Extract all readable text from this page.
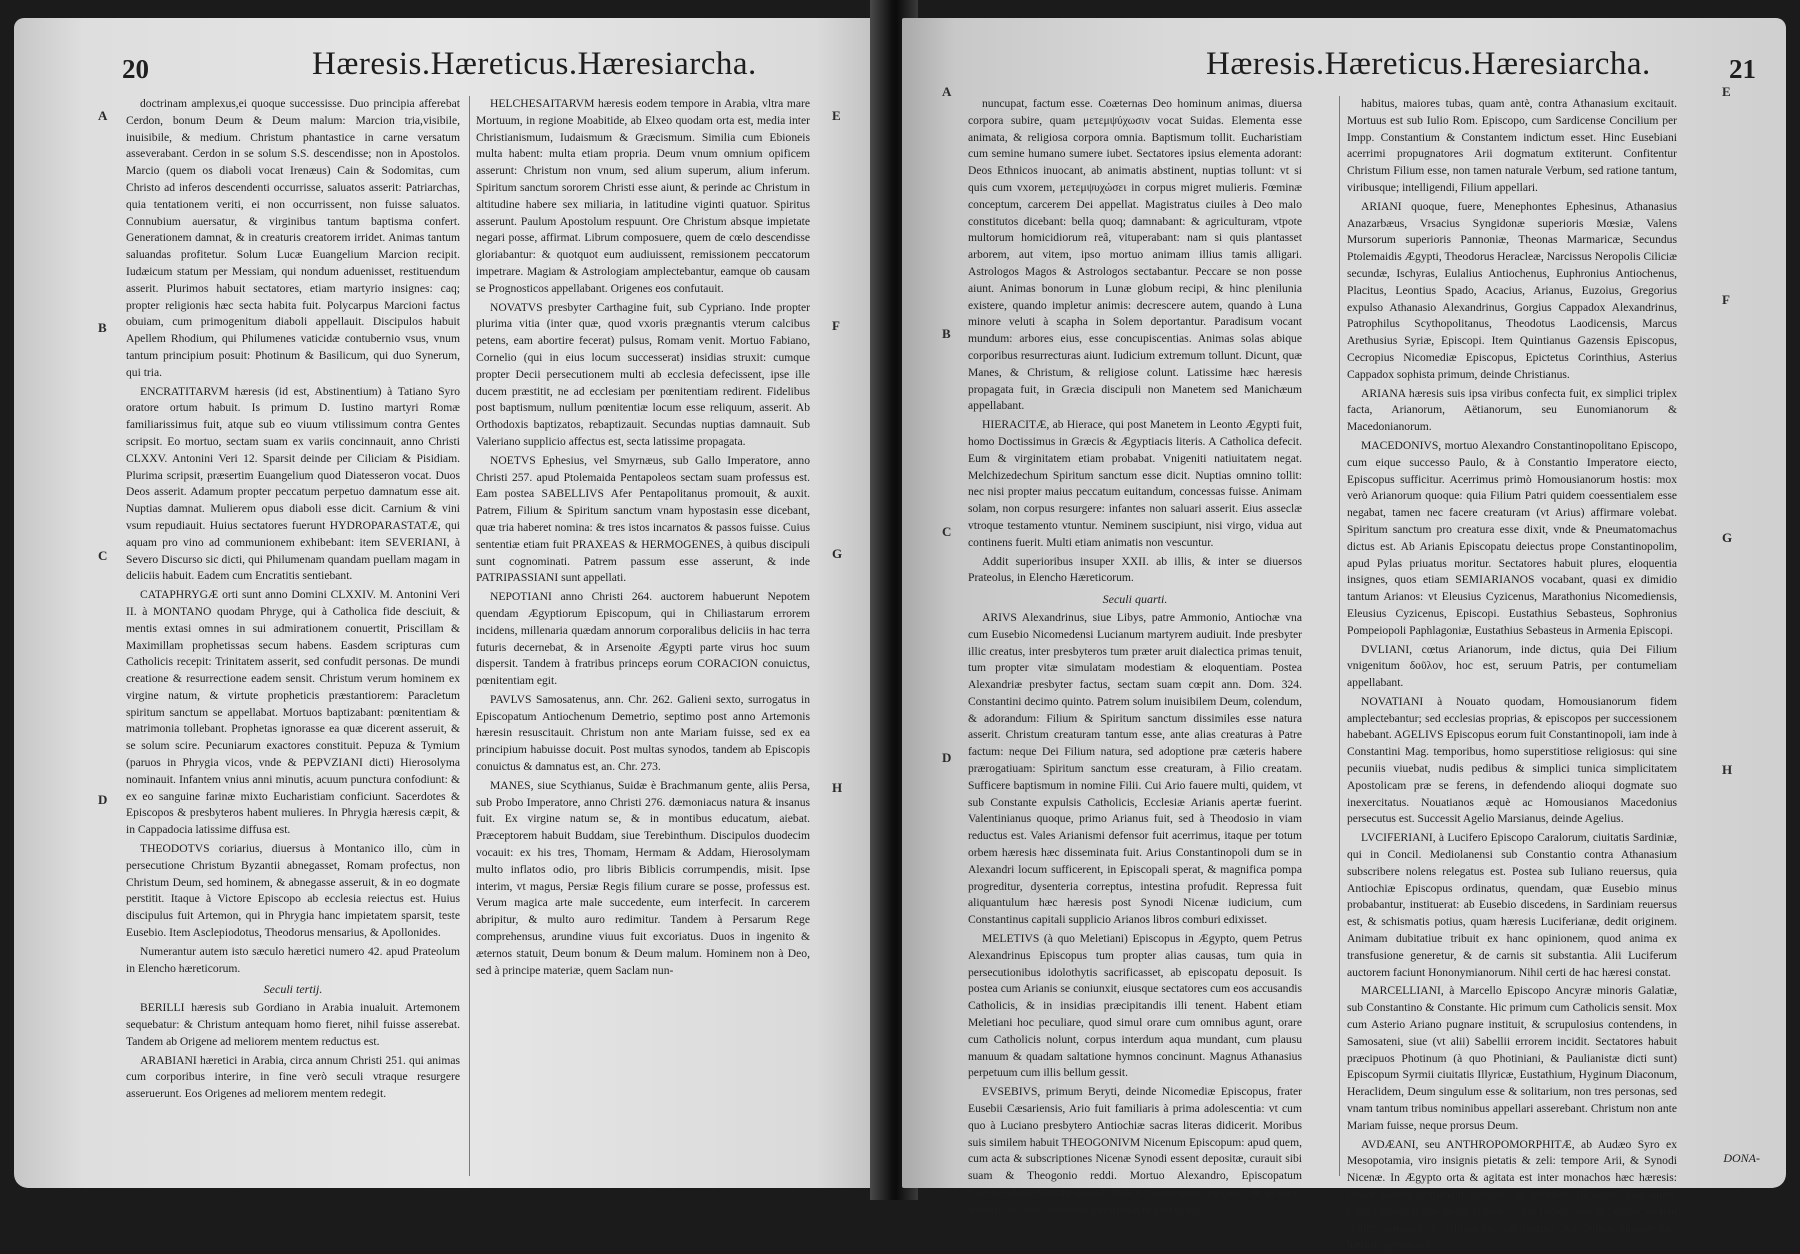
20	Hæresis.Hæreticus.Hæresiarcha.
A
B
C
D
E
F
G
H

doctrinam amplexus,ei quoque successisse. Duo principia afferebat Cerdon, bonum Deum & Deum malum: Marcion tria,visibile, inuisibile, & medium. Christum phantastice in carne versatum asseverabant. Cerdon in se solum S.S. descendisse; non in Apostolos. Marcio (quem os diaboli vocat Irenæus) Cain & Sodomitas, cum Christo ad inferos descendenti occurrisse, saluatos asserit: Patriarchas, quia tentationem veriti, ei non occurrissent, non fuisse saluatos. Connubium auersatur, & virginibus tantum baptisma confert. Generationem damnat, & in creaturis creatorem irridet. Animas tantum saluandas profitetur. Solum Lucæ Euangelium Marcion recipit. Iudæicum statum per Messiam, qui nondum aduenisset, restituendum asserit. Plurimos habuit sectatores, etiam martyrio insignes: caq; propter religionis hæc secta habita fuit. Polycarpus Marcioni factus obuiam, cum primogenitum diaboli appellauit. Discipulos habuit Apellem Rhodium, qui Philumenes vaticidæ contubernio vsus, vnum tantum principium posuit: Photinum & Basilicum, qui duo Synerum, qui tria.

ENCRATITARVM hæresis (id est, Abstinentium) à Tatiano Syro oratore ortum habuit. Is primum D. Iustino martyri Romæ familiarissimus fuit, atque sub eo viuum vtilissimum contra Gentes scripsit. Eo mortuo, sectam suam ex variis concinnauit, anno Christi CLXXV. Antonini Veri 12. Sparsit deinde per Ciliciam & Pisidiam. Plurima scripsit, præsertim Euangelium quod Diatesseron vocat. Duos Deos asserit. Adamum propter peccatum perpetuo damnatum esse ait. Nuptias damnat. Mulierem opus diaboli esse dicit. Carnium & vini vsum repudiauit. Huius sectatores fuerunt HYDROPARASTATÆ, qui aquam pro vino ad communionem exhibebant: item SEVERIANI, à Severo Discurso sic dicti, qui Philumenam quandam puellam magam in deliciis habuit. Eadem cum Encratitis sentiebant.

CATAPHRYGÆ orti sunt anno Domini CLXXIV. M. Antonini Veri II. à MONTANO quodam Phryge, qui à Catholica fide desciuit, & mentis extasi omnes in sui admirationem conuertit, Priscillam & Maximillam prophetissas secum habens. Easdem scripturas cum Catholicis recepit: Trinitatem asserit, sed confudit personas. De mundi creatione & resurrectione eadem sensit. Christum verum hominem ex virgine natum, & virtute propheticis præstantiorem: Paracletum spiritum sanctum se appellabat. Mortuos baptizabant: pœnitentiam & matrimonia tollebant. Prophetas ignorasse ea quæ dicerent asseruit, & se solum scire. Pecuniarum exactores constituit. Pepuza & Tymium (paruos in Phrygia vicos, vnde & PEPVZIANI dicti) Hierosolyma nominauit. Infantem vnius anni minutis, acuum punctura confodiunt: & ex eo sanguine farinæ mixto Eucharistiam conficiunt. Sacerdotes & Episcopos & presbyteros habent mulieres. In Phrygia hæresis cæpit, & in Cappadocia latissime diffusa est.

THEODOTVS coriarius, diuersus à Montanico illo, cùm in persecutione Christum Byzantii abnegasset, Romam profectus, non Christum Deum, sed hominem, & abnegasse asseruit, & in eo dogmate perstitit. Itaque à Victore Episcopo ab ecclesia reiectus est. Huius discipulus fuit Artemon, qui in Phrygia hanc impietatem sparsit, teste Eusebio. Item Asclepiodotus, Theodorus mensarius, & Apollonides.

Numerantur autem isto sæculo hæretici numero 42. apud Prateolum in Elencho hæreticorum.

Seculi tertij.

BERILLI hæresis sub Gordiano in Arabia inualuit. Artemonem sequebatur: & Christum antequam homo fieret, nihil fuisse asserebat. Tandem ab Origene ad meliorem mentem reductus est.

ARABIANI hæretici in Arabia, circa annum Christi 251. qui animas cum corporibus interire, in fine verò seculi vtraque resurgere asseruerunt. Eos Origenes ad meliorem mentem redegit.

HELCHESAITARVM hæresis eodem tempore in Arabia, vltra mare Mortuum, in regione Moabitide, ab Elxeo quodam orta est, media inter Christianismum, Iudaismum & Græcismum. Similia cum Ebioneis multa habent: multa etiam propria. Deum vnum omnium opificem asserunt: Christum non vnum, sed alium superum, alium inferum. Spiritum sanctum sororem Christi esse aiunt, & perinde ac Christum in altitudine habere sex miliaria, in latitudine viginti quatuor. Spiritus asserunt. Paulum Apostolum respuunt. Ore Christum absque impietate negari posse, affirmat. Librum composuere, quem de cœlo descendisse gloriabantur: & quotquot eum audiuissent, remissionem peccatorum impetrare. Magiam & Astrologiam amplectebantur, eamque ob causam se Prognosticos appellabant. Origenes eos confutauit.

NOVATVS presbyter Carthagine fuit, sub Cypriano. Inde propter plurima vitia (inter quæ, quod vxoris prægnantis vterum calcibus petens, eam abortire fecerat) pulsus, Romam venit. Mortuo Fabiano, Cornelio (qui in eius locum successerat) insidias struxit: cumque propter Decii persecutionem multi ab ecclesia defecissent, ipse ille ducem præstitit, ne ad ecclesiam per pœnitentiam redirent. Fidelibus post baptismum, nullum pœnitentiæ locum esse reliquum, asserit. Ab Orthodoxis baptizatos, rebaptizauit. Secundas nuptias damnauit. Sub Valeriano supplicio affectus est, secta latissime propagata.

NOETVS Ephesius, vel Smyrnæus, sub Gallo Imperatore, anno Christi 257. apud Ptolemaida Pentapoleos sectam suam professus est. Eam postea SABELLIVS Afer Pentapolitanus promouit, & auxit. Patrem, Filium & Spiritum sanctum vnam hypostasin esse dicebant, quæ tria haberet nomina: & tres istos incarnatos & passos fuisse. Cuius sententiæ etiam fuit PRAXEAS & HERMOGENES, à quibus discipuli sunt cognominati. Patrem passum esse asserunt, & inde PATRIPASSIANI sunt appellati.

NEPOTIANI anno Christi 264. auctorem habuerunt Nepotem quendam Ægyptiorum Episcopum, qui in Chiliastarum errorem incidens, millenaria quædam annorum corporalibus deliciis in hac terra futuris decernebat, & in Arsenoite Ægypti parte virus hoc suum dispersit. Tandem à fratribus princeps eorum CORACION conuictus, pœnitentiam egit.

PAVLVS Samosatenus, ann. Chr. 262. Galieni sexto, surrogatus in Episcopatum Antiochenum Demetrio, septimo post anno Artemonis hæresin resuscitauit. Christum non ante Mariam fuisse, sed ex ea principium habuisse docuit. Post multas synodos, tandem ab Episcopis conuictus & damnatus est, an. Chr. 273.

MANES, siue Scythianus, Suidæ è Brachmanum gente, aliis Persa, sub Probo Imperatore, anno Christi 276. dæmoniacus natura & insanus fuit. Ex virgine natum se, & in montibus educatum, aiebat. Præceptorem habuit Buddam, siue Terebinthum. Discipulos duodecim vocauit: ex his tres, Thomam, Hermam & Addam, Hierosolymam multo inflatos odio, pro libris Biblicis corrumpendis, misit. Ipse interim, vt magus, Persiæ Regis filium curare se posse, professus est. Verum magica arte male succedente, eum interfecit. In carcerem abripitur, & multo auro redimitur. Tandem à Persarum Rege comprehensus, arundine viuus fuit excoriatus. Duos in ingenito & æternos statuit, Deum bonum & Deum malum. Hominem non à Deo, sed à principe materiæ, quem Saclam nun-

21
Hæresis.Hæreticus.Hæresiarcha.
A
B
C
D
E
F
G
H

nuncupat, factum esse. Coæternas Deo hominum animas, diuersa corpora subire, quam μετεμψύχωσιν vocat Suidas. Elementa esse animata, & religiosa corpora omnia. Baptismum tollit. Eucharistiam cum semine humano sumere iubet. Sectatores ipsius elementa adorant: Deos Ethnicos inuocant, ab animatis abstinent, nuptias tollunt: vt si quis cum vxorem, μετεμψυχώσει in corpus migret mulieris. Fœminæ conceptum, carcerem Dei appellat. Magistratus ciuiles à Deo malo constitutos dicebant: bella quoq; damnabant: & agriculturam, vtpote multorum homicidiorum reâ, vituperabant: nam si quis plantasset arborem, aut vitem, ipso mortuo animam illius tamis alligari. Astrologos Magos & Astrologos sectabantur. Peccare se non posse aiunt. Animas bonorum in Lunæ globum recipi, & hinc plenilunia existere, quando impletur animis: decrescere autem, quando à Luna minore veluti à scapha in Solem deportantur. Paradisum vocant mundum: arbores eius, esse concupiscentias. Animas solas abique corporibus resurrecturas aiunt. Iudicium extremum tollunt. Dicunt, quæ Manes, & Christum, & religiose colunt. Latissime hæc hæresis propagata fuit, in Græcia discipuli non Manetem sed Manichæum appellabant.

HIERACITÆ, ab Hierace, qui post Manetem in Leonto Ægypti fuit, homo Doctissimus in Græcis & Ægyptiacis literis. A Catholica defecit. Eum & virginitatem etiam probabat. Vnigeniti natiuitatem negat. Melchizedechum Spiritum sanctum esse dicit. Nuptias omnino tollit: nec nisi propter maius peccatum euitandum, concessas fuisse. Animam solam, non corpus resurgere: infantes non saluari asserit. Eius asseclæ vtroque testamento vtuntur. Neminem suscipiunt, nisi virgo, vidua aut continens fuerit. Multi etiam animatis non vescuntur.

Addit superioribus insuper XXII. ab illis, & inter se diuersos Prateolus, in Elencho Hæreticorum.

Seculi quarti.

ARIVS Alexandrinus, siue Libys, patre Ammonio, Antiochæ vna cum Eusebio Nicomedensi Lucianum martyrem audiuit. Inde presbyter illic creatus, inter presbyteros tum præter aruit dialectica primas tenuit, tum propter vitæ simulatam modestiam & eloquentiam. Postea Alexandriæ presbyter factus, sectam suam cœpit ann. Dom. 324. Constantini decimo quinto. Patrem solum inuisibilem Deum, colendum, & adorandum: Filium & Spiritum sanctum dissimiles esse natura asserit. Christum creaturam tantum esse, ante alias creaturas à Patre factum: neque Dei Filium natura, sed adoptione præ cæteris habere prærogatiuam: Spiritum sanctum esse creaturam, à Filio creatam. Sufficere baptismum in nomine Filii. Cui Ario fauere multi, quidem, vt sub Constante expulsis Catholicis, Ecclesiæ Arianis apertæ fuerint. Valentinianus quoque, primo Arianus fuit, sed à Theodosio in viam reductus est. Vales Arianismi defensor fuit acerrimus, itaque per totum orbem hæresis hæc disseminata fuit. Arius Constantinopoli dum se in Alexandri locum sufficerent, in Episcopali sperat, & magnifica pompa progreditur, dysenteria correptus, intestina profudit. Repressa fuit aliquantulum hæc hæresis post Synodi Nicenæ iudicium, cum Constantinus capitali supplicio Arianos libros comburi edixisset.

MELETIVS (à quo Meletiani) Episcopus in Ægypto, quem Petrus Alexandrinus Episcopus tum propter alias causas, tum quia in persecutionibus idolothytis sacrificasset, ab episcopatu deposuit. Is postea cum Arianis se coniunxit, eiusque sectatores cum eos accusandis Catholicis, & in insidias præcipitandis illi tenent. Habent etiam Meletiani hoc peculiare, quod simul orare cum omnibus agunt, orare cum Catholicis nolunt, corpus interdum aqua mundant, cum plausu manuum & quadam saltatione hymnos concinunt. Magnus Athanasius perpetuum cum illis bellum gessit.

EVSEBIVS, primum Beryti, deinde Nicomediæ Episcopus, frater Eusebii Cæsariensis, Ario fuit familiaris à prima adolescentia: vt cum quo à Luciano presbytero Antiochiæ sacras literas didicerit. Moribus suis similem habuit THEOGONIVM Nicenum Episcopum: apud quem, cum acta & subscriptiones Nicenæ Synodi essent depositæ, curauit sibi suam & Theogonio reddi. Mortuo Alexandro, Episcopatum Constantinopolitanum inuasit. Inde à Constantino relegatus, & ab eo in honore illo, mox simulata pœnitentia restitutus est.

habitus, maiores tubas, quam antè, contra Athanasium excitauit. Mortuus est sub Iulio Rom. Episcopo, cum Sardicense Concilium per Impp. Constantium & Constantem indictum esset. Hinc Eusebiani acerrimi propugnatores Arii dogmatum extiterunt. Confitentur Christum Filium esse, non tamen naturale Verbum, sed ratione tantum, viribusque; intelligendi, Filium appellari.

ARIANI quoque, fuere, Menephontes Ephesinus, Athanasius Anazarbæus, Vrsacius Syngidonæ superioris Mœsiæ, Valens Mursorum superioris Pannoniæ, Theonas Marmaricæ, Secundus Ptolemaidis Ægypti, Theodorus Heracleæ, Narcissus Neropolis Ciliciæ secundæ, Ischyras, Eulalius Antiochenus, Euphronius Antiochenus, Placitus, Leontius Spado, Acacius, Arianus, Euzoius, Gregorius expulso Athanasio Alexandrinus, Gorgius Cappadox Alexandrinus, Patrophilus Scythopolitanus, Theodotus Laodicensis, Marcus Arethusius Syriæ, Episcopi. Item Quintianus Gazensis Episcopus, Cecropius Nicomediæ Episcopus, Epictetus Corinthius, Asterius Cappadox sophista primum, deinde Christianus.

ARIANA hæresis suis ipsa viribus confecta fuit, ex simplici triplex facta, Arianorum, Aëtianorum, seu Eunomianorum & Macedonianorum.

MACEDONIVS, mortuo Alexandro Constantinopolitano Episcopo, cum eique successo Paulo, & à Constantio Imperatore eiecto, Episcopus sufficitur. Acerrimus primò Homousianorum hostis: mox verò Arianorum quoque: quia Filium Patri quidem coessentialem esse negabat, tamen nec facere creaturam (vt Arius) affirmare volebat. Spiritum sanctum pro creatura esse dixit, vnde & Pneumatomachus dictus est. Ab Arianis Episcopatu deiectus prope Constantinopolim, apud Pylas priuatus moritur. Sectatores habuit plures, eloquentia insignes, quos etiam SEMIARIANOS vocabant, quasi ex dimidio tantum Arianos: vt Eleusius Cyzicenus, Marathonius Nicomediensis, Eleusius Cyzicenus, Episcopi. Eustathius Sebasteus, Sophronius Pompeiopoli Paphlagoniæ, Eustathius Sebasteus in Armenia Episcopi.

DVLIANI, cœtus Arianorum, inde dictus, quia Dei Filium vnigenitum δοῦλον, hoc est, seruum Patris, per contumeliam appellabant.

NOVATIANI à Nouato quodam, Homousianorum fidem amplectebantur; sed ecclesias proprias, & episcopos per successionem habebant. AGELIVS Episcopus eorum fuit Constantinopoli, iam inde à Constantini Mag. temporibus, homo superstitiose religiosus: qui sine pecuniis viuebat, nudis pedibus & simplici tunica simplicitatem Apostolicam præ se ferens, in defendendo alioqui dogmate suo inexercitatus. Nouatianos æquè ac Homousianos Macedonius persecutus est. Successit Agelio Marsianus, deinde Agelius.

LVCIFERIANI, à Lucifero Episcopo Caralorum, ciuitatis Sardiniæ, qui in Concil. Mediolanensi sub Constantio contra Athanasium subscribere nolens relegatus est. Postea sub Iuliano reuersus, quia Antiochiæ Episcopus ordinatus, quendam, quæ Eusebio minus probabantur, instituerat: ab Eusebio discedens, in Sardiniam reuersus est, & schismatis potius, quam hæresis Luciferianæ, dedit originem. Animam dubitatiue tribuit ex hanc opinionem, quod anima ex transfusione generetur, & de carnis sit substantia. Alii Luciferum auctorem faciunt Hononymianorum. Nihil certi de hac hæresi constat.

MARCELLIANI, à Marcello Episcopo Ancyræ minoris Galatiæ, sub Constantino & Constante. Hic primum cum Catholicis sensit. Mox cum Asterio Ariano pugnare instituit, & scrupulosius contendens, in Samosateni, siue (vt alii) Sabellii errorem incidit. Sectatores habuit præcipuos Photinum (à quo Photiniani, & Paulianistæ dicti sunt) Episcopum Syrmii ciuitatis Illyricæ, Eustathium, Hyginum Diaconum, Heraclidem, Deum singulum esse & solitarium, non tres personas, sed vnam tantum tribus nominibus appellari asserebant. Christum non ante Mariam fuisse, neque prorsus Deum.

AVDÆANI, seu ANTHROPOMORPHITÆ, ab Audæo Syro ex Mesopotamia, viro insignis pietatis & zeli: tempore Arii, & Synodi Nicenæ. In Ægypto orta & agitata est inter monachos hæc hæresis: Deum habere humanam formam, & membris inclusum esse aiunt. Cum Catholicis non faciunt preces. Cum Iudæis pascha faciunt, eodem scilicet tempore. In reliqua vita piè degunt. Ad Gothos quoque hæc hæresis penetrauit.

DONA-
